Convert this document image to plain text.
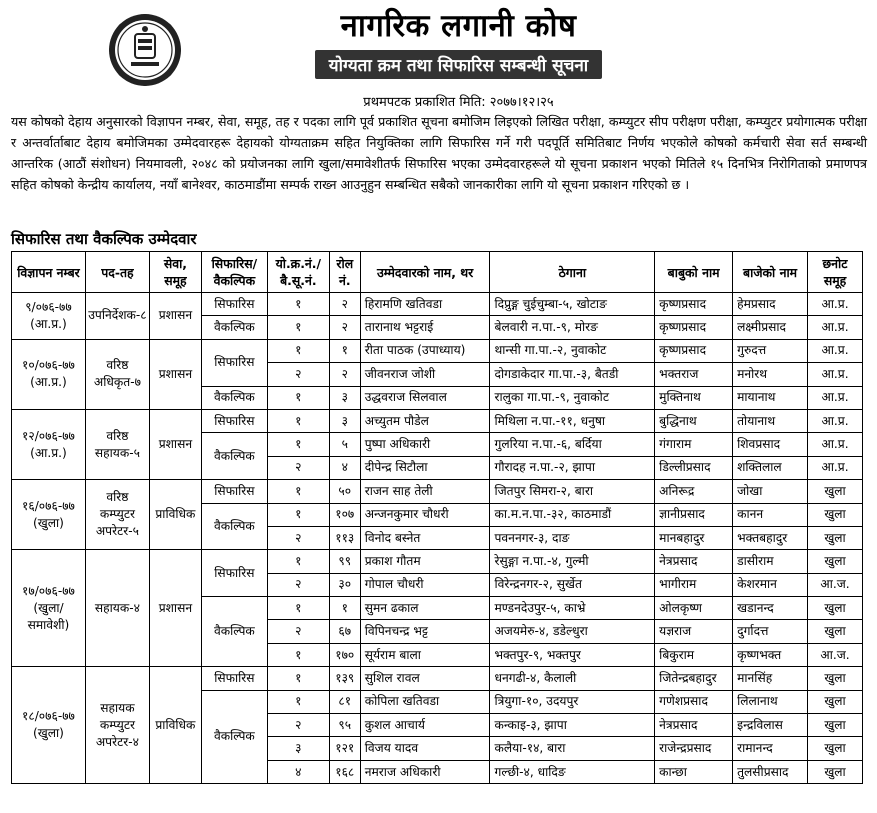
नागरिक लगानी कोष
योग्यता क्रम तथा सिफारिस सम्बन्धी सूचना
प्रथमपटक प्रकाशित मिति: २०७७।१२।२५
यस कोषको देहाय अनुसारको विज्ञापन नम्बर, सेवा, समूह, तह र पदका लागि पूर्व प्रकाशित सूचना बमोजिम लिइएको लिखित परीक्षा, कम्प्युटर सीप परीक्षण परीक्षा, कम्प्युटर प्रयोगात्मक परीक्षा र अन्तर्वार्ताबाट देहाय बमोजिमका उम्मेदवारहरू देहायको योग्यताक्रम सहित नियुक्तिका लागि सिफारिस गर्ने गरी पदपूर्ति समितिबाट निर्णय भएकोले कोषको कर्मचारी सेवा सर्त सम्बन्धी आन्तरिक (आठौं संशोधन) नियमावली, २०४८ को प्रयोजनका लागि खुला/समावेशीतर्फ सिफारिस भएका उम्मेदवारहरूले यो सूचना प्रकाशन भएको मितिले १५ दिनभित्र निरोगिताको प्रमाणपत्र सहित कोषको केन्द्रीय कार्यालय, नयाँ बानेश्वर, काठमाडौंमा सम्पर्क राख्न आउनुहुन सम्बन्धित सबैको जानकारीका लागि यो सूचना प्रकाशन गरिएको छ ।
सिफारिस तथा वैकल्पिक उम्मेदवार
विज्ञापन नम्बर	पद-तह	सेवा, समूह	सिफारिस/ वैकल्पिक	यो.क्र.नं./ बै.सू.नं.	रोल नं.	उम्मेदवारको नाम, थर	ठेगाना	बाबुको नाम	बाजेको नाम	छनोट समूह
९/०७६-७७ (आ.प्र.)	उपनिर्देशक-८	प्रशासन	सिफारिस	१	२	हिरामणि खतिवडा	दिप्रुङ्ग चुईचुम्बा-५, खोटाङ	कृष्णप्रसाद	हेमप्रसाद	आ.प्र.
			वैकल्पिक	१	२	तारानाथ भट्टराई	बेलवारी न.पा.-९, मोरङ	कृष्णप्रसाद	लक्ष्मीप्रसाद	आ.प्र.
१०/०७६-७७ (आ.प्र.)	वरिष्ठ अधिकृत-७	प्रशासन	सिफारिस	१	१	रीता पाठक (उपाध्याय)	थान्सी गा.पा.-२, नुवाकोट	कृष्णप्रसाद	गुरुदत्त	आ.प्र.
				२	२	जीवनराज जोशी	दोगडाकेदार गा.पा.-३, बैतडी	भक्तराज	मनोरथ	आ.प्र.
			वैकल्पिक	१	३	उद्धवराज सिलवाल	रालुका गा.पा.-९, नुवाकोट	मुक्तिनाथ	मायानाथ	आ.प्र.
१२/०७६-७७ (आ.प्र.)	वरिष्ठ सहायक-५	प्रशासन	सिफारिस	१	३	अच्युतम पौडेल	मिथिला न.पा.-११, धनुषा	बुद्धिनाथ	तोयानाथ	आ.प्र.
			वैकल्पिक	१	५	पुष्पा अधिकारी	गुलरिया न.पा.-६, बर्दिया	गंगाराम	शिवप्रसाद	आ.प्र.
				२	४	दीपेन्द्र सिटौला	गौरादह न.पा.-२, झापा	डिल्लीप्रसाद	शक्तिलाल	आ.प्र.
१६/०७६-७७ (खुला)	वरिष्ठ कम्प्युटर अपरेटर-५	प्राविधिक	सिफारिस	१	५०	राजन साह तेली	जितपुर सिमरा-२, बारा	अनिरूद्र	जोखा	खुला
			वैकल्पिक	१	१०७	अन्जनकुमार चौधरी	का.म.न.पा.-३२, काठमाडौं	ज्ञानीप्रसाद	कानन	खुला
				२	११३	विनोद बस्नेत	पवननगर-३, दाङ	मानबहादुर	भक्तबहादुर	खुला
१७/०७६-७७ (खुला/ समावेशी)	सहायक-४	प्रशासन	सिफारिस	१	९९	प्रकाश गौतम	रेसुङ्गा न.पा.-४, गुल्मी	नेत्रप्रसाद	डासीराम	खुला
				२	३०	गोपाल चौधरी	विरेन्द्रनगर-२, सुर्खेत	भागीराम	केशरमान	आ.ज.
			वैकल्पिक	१	१	सुमन ढकाल	मण्डनदेउपुर-५, काभ्रे	ओलकृष्ण	खडानन्द	खुला
				२	६७	विपिनचन्द्र भट्ट	अजयमेरु-४, डडेल्धुरा	यज्ञराज	दुर्गादत्त	खुला
				१	१७०	सूर्यराम बाला	भक्तपुर-९, भक्तपुर	बिकुराम	कृष्णभक्त	आ.ज.
१८/०७६-७७ (खुला)	सहायक कम्प्युटर अपरेटर-४	प्राविधिक	सिफारिस	१	१३९	सुशिल रावल	धनगढी-४, कैलाली	जितेन्द्रबहादुर	मानसिंह	खुला
			वैकल्पिक	१	८१	कोपिला खतिवडा	त्रियुगा-१०, उदयपुर	गणेशप्रसाद	लिलानाथ	खुला
				२	९५	कुशल आचार्य	कन्काइ-३, झापा	नेत्रप्रसाद	इन्द्रविलास	खुला
				३	१२१	विजय यादव	कलैया-१४, बारा	राजेन्द्रप्रसाद	रामानन्द	खुला
				४	१६८	नमराज अधिकारी	गल्छी-४, धादिङ	कान्छा	तुलसीप्रसाद	खुला
